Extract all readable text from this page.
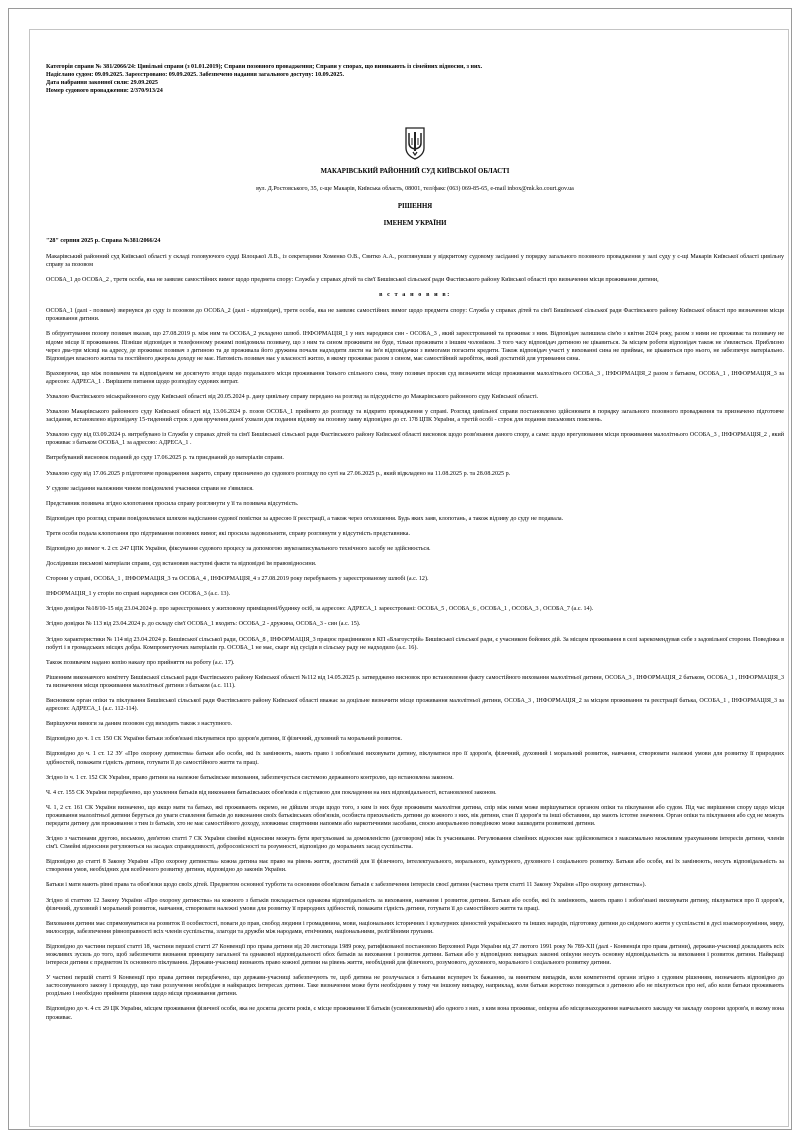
Категорія справи № 381/2066/24: Цивільні справи (з 01.01.2019); Справи позовного провадження; Справи у спорах, що виникають із сімейних відносин, з них.

Надіслано судом: 09.09.2025. Зареєстровано: 09.09.2025. Забезпечено надання загального доступу: 10.09.2025.

Дата набрання законної сили: 29.09.2025

Номер судового провадження: 2/370/913/24

МАКАРІВСЬКИЙ РАЙОННИЙ СУД КИЇВСЬКОЇ ОБЛАСТІ
вул. Д.Ростовського, 35, с-ще Макарів, Київська область, 08001, тел/факс (063) 069-85-65, e-mail inbox@mk.ko.court.gov.ua
РІШЕННЯ
ІМЕНЕМ УКРАЇНИ
"28" серпня 2025 р. Справа №381/2066/24

Макарівський районний суд Київської області у складі головуючого судді Білоцької Л.В., із секретарями Хоменко О.В., Свитко А.А., розглянувши у відкритому судовому засіданні у порядку загального позовного провадження у залі суду у с-щі Макарів Київської області цивільну справу за позовом

ОСОБА_1 до ОСОБА_2 , третя особа, яка не заявляє самостійних вимог щодо предмета спору: Служба у справах дітей та сім'ї Бишівської сільської ради Фастівського району Київської області про визначення місця проживання дитини,

в с т а н о в и в:

ОСОБА_1 (далі - позивач) звернувся до суду із позовом до ОСОБА_2 (далі - відповідач), третя особа, яка не заявляє самостійних вимог щодо предмета спору: Служба у справах дітей та сім'ї Бишівської сільської ради Фастівського району Київської області про визначення місця проживання дитини.

В обґрунтування позову позивач вказав, що 27.08.2019 р. між ним та ОСОБА_2 укладено шлюб. ІНФОРМАЦІЯ_1 у них народився син - ОСОБА_3 , який зареєстрований та проживає з ним. Відповідач залишила сім'ю з квітня 2024 року, разом з ними не проживає та позивачу не відоме місце її проживання. Пізніше відповідач в телефонному режимі повідомила позивачу, що з ним та сином проживати не буде, тільки проживати з іншим чоловіком. З того часу відповідач дитиною не цікавиться. За місцем роботи відповідач також не з'являється. Приблизно через два-три місяці на адресу, де проживає позивач з дитиною та де проживала його дружина почали надходити листи на ім'я відповідачки з вимогами погасити кредити. Також відповідач участі у вихованні сина не приймає, не цікавиться про нього, не забезпечує матеріально. Відповідач власного житла та постійного джерела доходу не має. Натомість позивач має у власності житло, в якому проживає разом з сином, має самостійний заробіток, який достатній для утримання сина.

Враховуючи, що між позивачем та відповідачем не досягнуто згоди щодо подальшого місця проживання їхнього спільного сина, тому позивач просив суд визначити місце проживання малолітнього ОСОБА_3 , ІНФОРМАЦІЯ_2 разом з батьком, ОСОБА_1 , ІНФОРМАЦІЯ_3 за адресою: АДРЕСА_1 . Вирішити питання щодо розподілу судових витрат.

Ухвалою Фастівського міськрайонного суду Київської області від 20.05.2024 р. дану цивільну справу передано на розгляд за підсудністю до Макарівського районного суду Київської області.

Ухвалою Макарівського районного суду Київської області від 13.06.2024 р. позов ОСОБА_1 прийнято до розгляду та відкрито провадження у справі. Розгляд цивільної справи постановлено здійснювати в порядку загального позовного провадження та призначено підготовче засідання, встановлено відповідачу 15-тиденний строк з дня вручення даної ухвали для подання відзиву на позовну заяву відповідно до ст. 178 ЦПК України, а третій особі - строк для подання письмових пояснень.

Ухвалою суду від 03.09.2024 р. витребувано із Служби у справах дітей та сім'ї Бишівської сільської ради Фастівського району Київської області висновок щодо розв'язання даного спору, а саме: щодо врегулювання місця проживання малолітнього ОСОБА_3 , ІНФОРМАЦІЯ_2 , який проживає з батьком ОСОБА_1 за адресою: АДРЕСА_1 .

Витребуваний висновок поданий до суду 17.06.2025 р. та приєднаний до матеріалів справи.

Ухвалою суду від 17.06.2025 р підготовче провадження закрито, справу призначено до судового розгляду по суті на 27.06.2025 р., який відкладено на 11.08.2025 р. та 28.08.2025 р.

У судове засідання належним чином повідомлені учасники справи не з'явилися.

Представник позивача згідно клопотання просила справу розглянути у її та позивача відсутність.

Відповідач про розгляд справи повідомлялася шляхом надіслання судової повістки за адресою її реєстрації, а також через оголошення. Будь яких заяв, клопотань, а також відзиву до суду не подавала.

Третя особи подала клопотання про підтримання позовних вимог, які просила задовольнити, справу розглянути у відсутність представника.

Відповідно до вимог ч. 2 ст. 247 ЦПК України, фіксування судового процесу за допомогою звукозаписувального технічного засобу не здійснюється.

Дослідивши письмові матеріали справи, суд встановив наступні факти та відповідні їм правовідносини.

Сторони у справі, ОСОБА_1 , ІНФОРМАЦІЯ_3 та ОСОБА_4 , ІНФОРМАЦІЯ_4 з 27.08.2019 року перебувають у зареєстрованому шлюбі (а.с. 12).

ІНФОРМАЦІЯ_1 у сторін по справі народився син ОСОБА_3 (а.с. 13).

Згідно довідки №18/10-15 від 23.04.2024 р. про зареєстрованих у житловому приміщенні/будинку осіб, за адресою: АДРЕСА_1 зареєстровані: ОСОБА_5 , ОСОБА_6 , ОСОБА_1 , ОСОБА_3 , ОСОБА_7 (а.с. 14).

Згідно довідки № 113 від 23.04.2024 р. до складу сім'ї ОСОБА_1 входять: ОСОБА_2 - дружина, ОСОБА_3 - син (а.с. 15).

Згідно характеристики № 114 від 23.04.2024 р. Бишівської сільської ради, ОСОБА_8 , ІНФОРМАЦІЯ_3 працює працівником в КП «Благоустрій» Бишівської сільської ради, є учасником бойових дій. За місцем проживання в селі зарекомендував себе з задовільної сторони. Поведінка в побуті і в громадських місцях добра. Компрометуючих матеріалів гр. ОСОБА_1 не має, скарг від сусідів в сільську раду не надходило (а.с. 16).

Також позивачем надано копію наказу про прийняття на роботу (а.с. 17).

Рішенням виконавчого комітету Бишівської сільської ради Фастівського району Київської області №112 від 14.05.2025 р. затверджено висновок про встановлення факту самостійного виховання малолітньої дитини, ОСОБА_3 , ІНФОРМАЦІЯ_2 батьком, ОСОБА_1 , ІНФОРМАЦІЯ_3 та визначення місця проживання малолітньої дитини з батьком (а.с. 111).

Висновком орган опіки та піклування Бишівської сільської ради Фастівського району Київської області вважає за доцільне визначити місце проживання малолітньої дитини, ОСОБА_3 , ІНФОРМАЦІЯ_2 за місцем проживання та реєстрації батька, ОСОБА_1 , ІНФОРМАЦІЯ_3 за адресою: АДРЕСА_1 (а.с. 112-114).

Вирішуючи вимоги за даним позовом суд виходить також з наступного.

Відповідно до ч. 1 ст. 150 СК України батьки зобов'язані піклуватися про здоров'я дитини, її фізичний, духовний та моральний розвиток.

Відповідно до ч. 1 ст. 12 ЗУ «Про охорону дитинства» батьки або особи, які їх замінюють, мають право і зобов'язані виховувати дитину, піклуватися про її здоров'я, фізичний, духовний і моральний розвиток, навчання, створювати належні умови для розвитку її природних здібностей, поважати гідність дитини, готувати її до самостійного життя та праці.

Згідно із ч. 1 ст. 152 СК України, право дитини на належне батьківське виховання, забезпечується системою державного контролю, що встановлена законом.

Ч. 4 ст. 155 СК України передбачено, що ухилення батьків від виконання батьківських обов'язків є підставою для покладення на них відповідальності, встановленої законом.

Ч. 1, 2 ст. 161 СК України визначено, що якщо мати та батько, які проживають окремо, не дійшли згоди щодо того, з ким із них буде проживати малолітня дитина, спір між ними може вирішуватися органом опіки та піклування або судом. Під час вирішення спору щодо місця проживання малолітньої дитини беруться до уваги ставлення батьків до виконання своїх батьківських обов'язків, особиста прихильність дитини до кожного з них, вік дитини, стан її здоров'я та інші обставини, що мають істотне значення. Орган опіки та піклування або суд не можуть передати дитину для проживання з тим із батьків, хто не має самостійного доходу, зловживає спиртними напоями або наркотичними засобами, своєю аморальною поведінкою може зашкодити розвиткові дитини.

Згідно з частинами другою, восьмою, дев'ятою статті 7 СК України сімейні відносини можуть бути врегульовані за домовленістю (договором) між їх учасниками. Регулювання сімейних відносин має здійснюватися з максимально можливим урахуванням інтересів дитини, членів сім'ї. Сімейні відносини регулюються на засадах справедливості, добросовісності та розумності, відповідно до моральних засад суспільства.

Відповідно до статті 8 Закону України «Про охорону дитинства» кожна дитина має право на рівень життя, достатній для її фізичного, інтелектуального, морального, культурного, духовного і соціального розвитку. Батьки або особи, які їх замінюють, несуть відповідальність за створення умов, необхідних для всебічного розвитку дитини, відповідно до законів України.

Батьки і мати мають рівні права та обов'язки щодо своїх дітей. Предметом основної турботи та основним обов'язком батьків є забезпечення інтересів своєї дитини (частина третя статті 11 Закону України «Про охорону дитинства»).

Згідно зі статтею 12 Закону України «Про охорону дитинства» на кожного з батьків покладається однакова відповідальність за виховання, навчання і розвиток дитини. Батьки або особи, які їх замінюють, мають право і зобов'язані виховувати дитину, піклуватися про її здоров'я, фізичний, духовний і моральний розвиток, навчання, створювати належні умови для розвитку її природних здібностей, поважати гідність дитини, готувати її до самостійного життя та праці.

Виховання дитини має спрямовуватися на розвиток її особистості, поваги до прав, свобод людини і громадянина, мови, національних історичних і культурних цінностей українського та інших народів, підготовку дитини до свідомого життя у суспільстві в дусі взаєморозуміння, миру, милосердя, забезпечення рівноправності всіх членів суспільства, злагоди та дружби між народами, етнічними, національними, релігійними групами.

Відповідно до частини першої статті 18, частини першої статті 27 Конвенції про права дитини від 20 листопада 1989 року, ратифікованої постановою Верховної Ради України від 27 лютого 1991 року № 789-XII (далі - Конвенція про права дитини), держави-учасниці докладають всіх можливих зусиль до того, щоб забезпечити визнання принципу загальної та однакової відповідальності обох батьків за виховання і розвиток дитини. Батьки або у відповідних випадках законні опікуни несуть основну відповідальність за виховання і розвиток дитини. Найкращі інтереси дитини є предметом їх основного піклування. Держави-учасниці визнають право кожної дитини на рівень життя, необхідний для фізичного, розумового, духовного, морального і соціального розвитку дитини.

У частині першій статті 9 Конвенції про права дитини передбачено, що держави-учасниці забезпечують те, щоб дитина не розлучалася з батьками всупереч їх бажанню, за винятком випадків, коли компетентні органи згідно з судовим рішенням, визначають відповідно до застосовуваного закону і процедур, що таке розлучення необхідне в найкращих інтересах дитини. Таке визначення може бути необхідним у тому чи іншому випадку, наприклад, коли батьки жорстоко поводяться з дитиною або не піклуються про неї, або коли батьки проживають роздільно і необхідно прийняти рішення щодо місця проживання дитини.

Відповідно до ч. 4 ст. 29 ЦК України, місцем проживання фізичної особи, яка не досягла десяти років, є місце проживання її батьків (усиновлювачів) або одного з них, з ким вона проживає, опікуна або місцезнаходження навчального закладу чи закладу охорони здоров'я, в якому вона проживає.
